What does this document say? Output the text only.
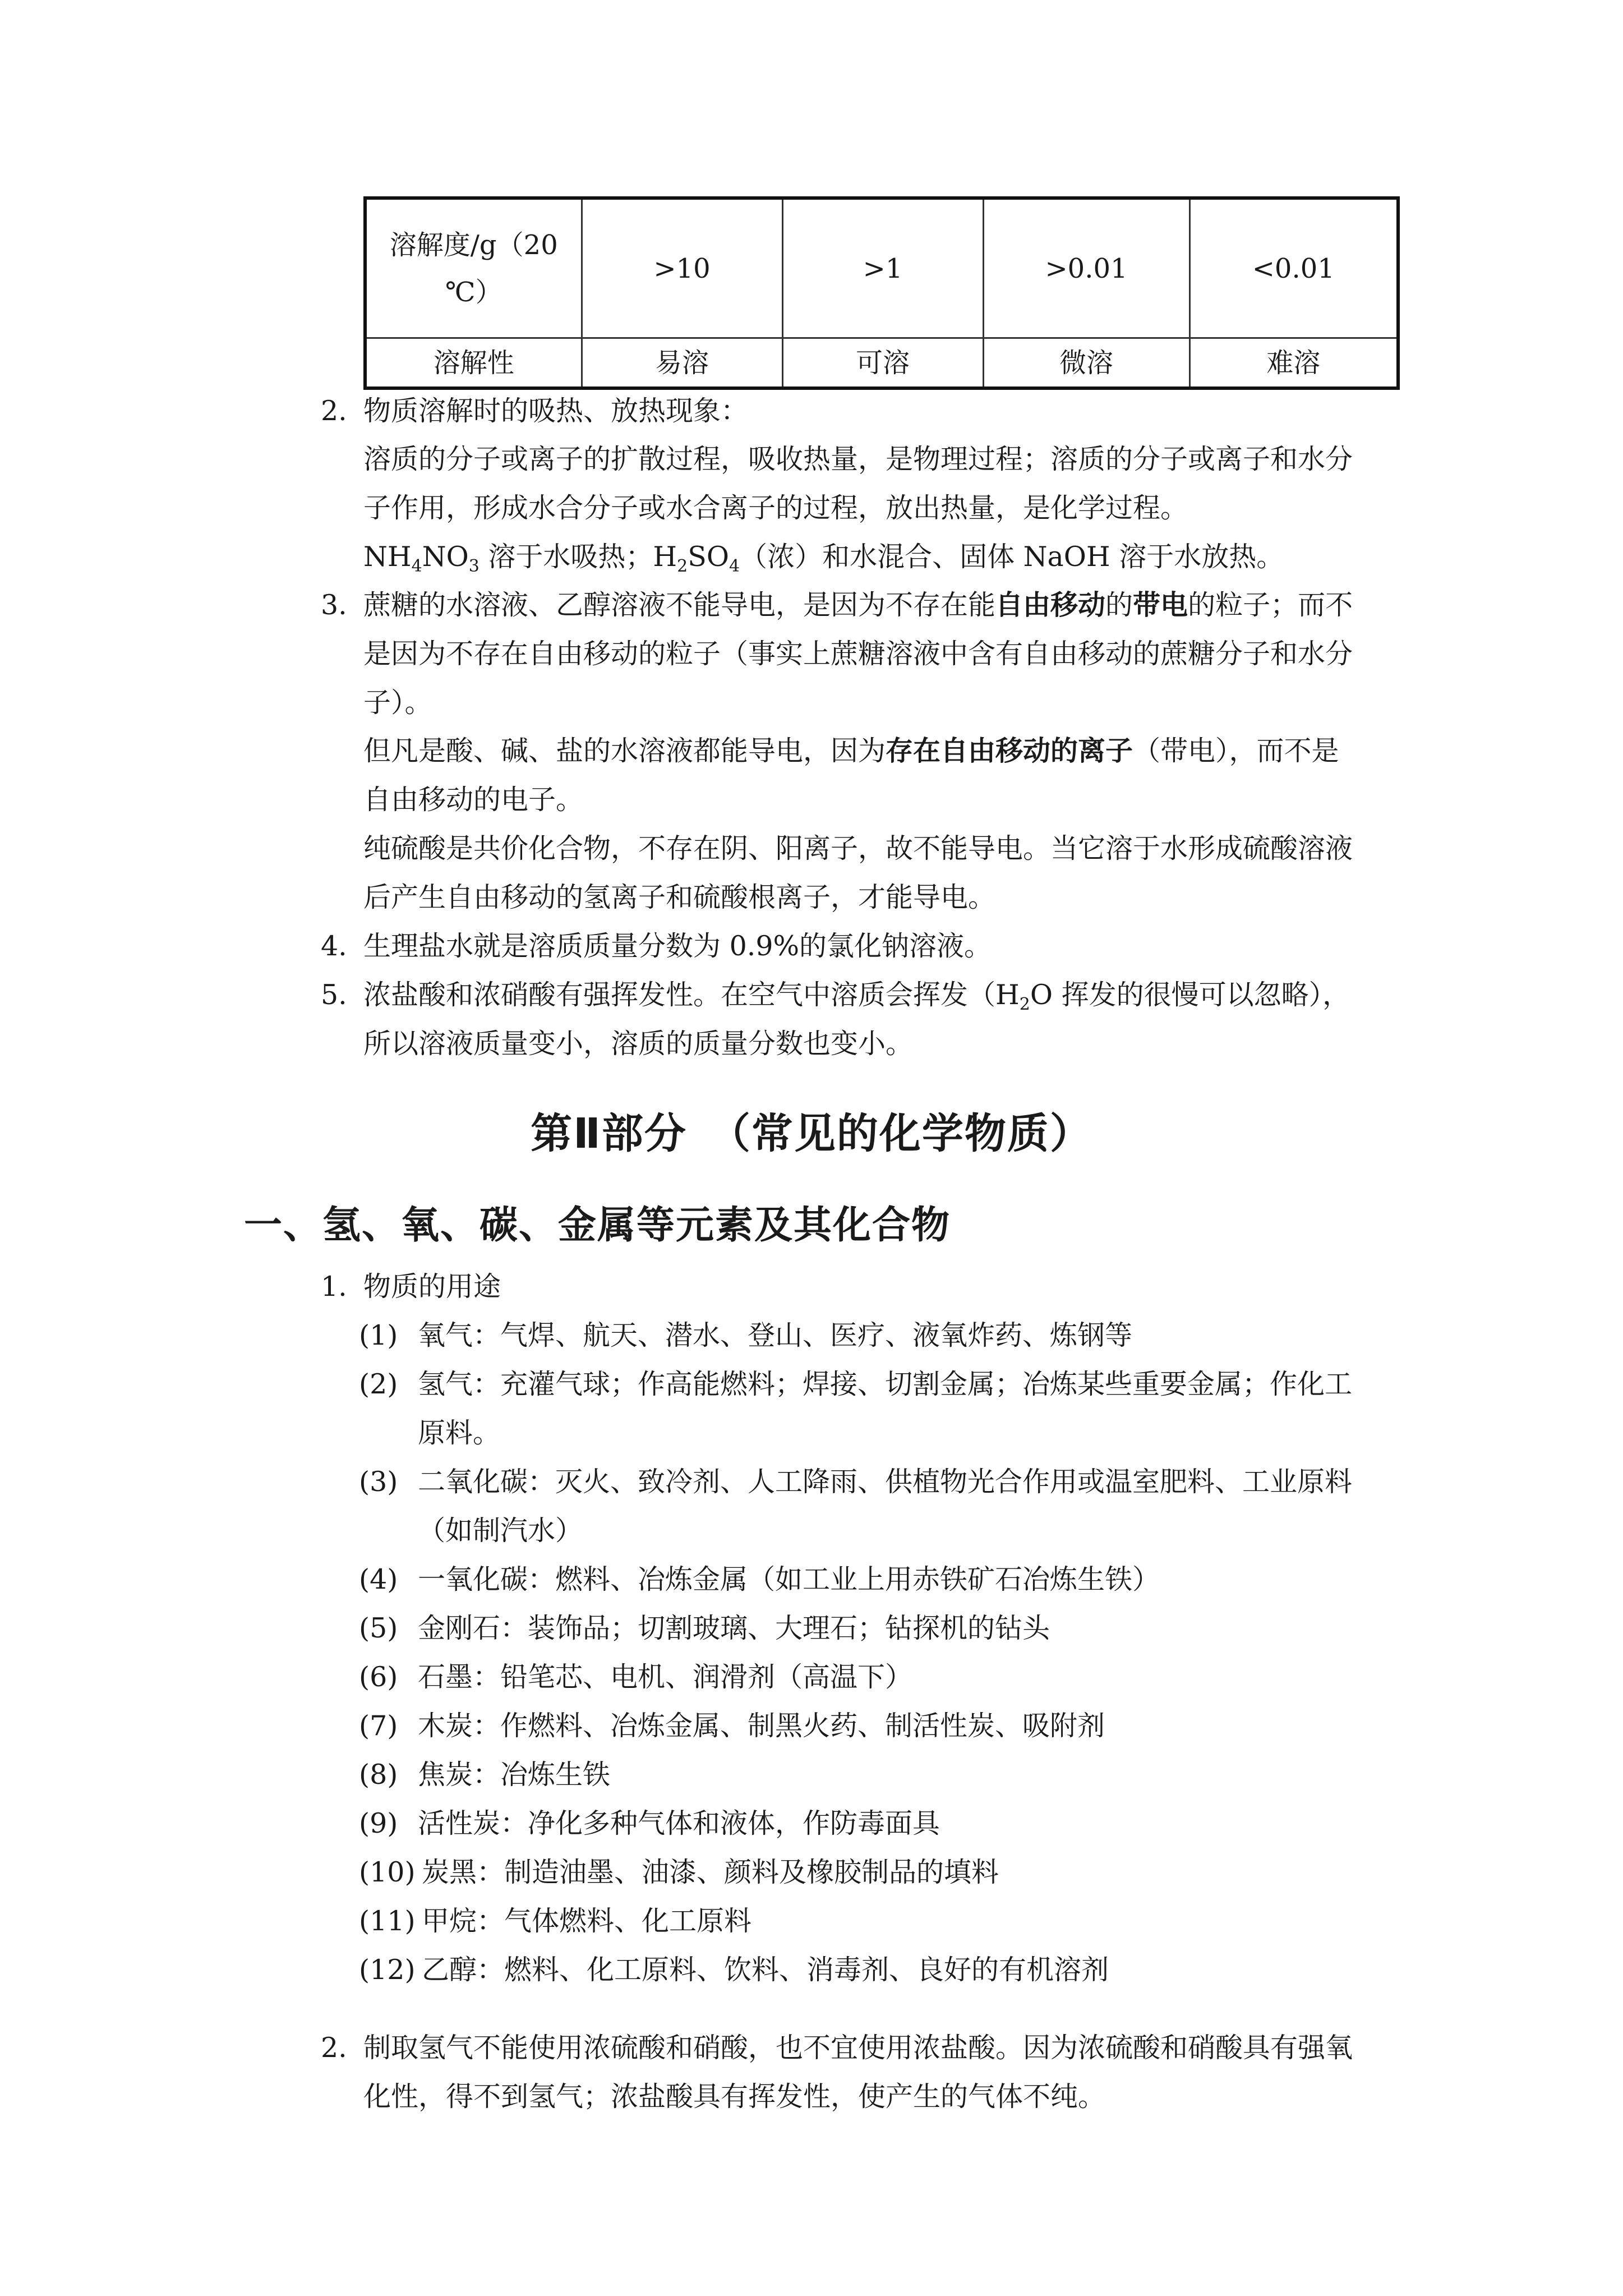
溶解度/g（20 ℃）	>10	>1	>0.01	<0.01
溶解性	易溶	可溶	微溶	难溶
2. 物质溶解时的吸热、放热现象：
溶质的分子或离子的扩散过程，吸收热量，是物理过程；溶质的分子或离子和水分
子作用，形成水合分子或水合离子的过程，放出热量，是化学过程。
$NH_4NO_3$ 溶于水吸热；$H_2SO_4$（浓）和水混合、固体 NaOH 溶于水放热。
3. 蔗糖的水溶液、乙醇溶液不能导电，是因为不存在能自由移动的带电的粒子；而不
是因为不存在自由移动的粒子（事实上蔗糖溶液中含有自由移动的蔗糖分子和水分
子）。
但凡是酸、碱、盐的水溶液都能导电，因为存在自由移动的离子（带电），而不是
自由移动的电子。
纯硫酸是共价化合物，不存在阴、阳离子，故不能导电。当它溶于水形成硫酸溶液
后产生自由移动的氢离子和硫酸根离子，才能导电。
4. 生理盐水就是溶质质量分数为 0.9%的氯化钠溶液。
5. 浓盐酸和浓硝酸有强挥发性。在空气中溶质会挥发（$H_2O$ 挥发的很慢可以忽略），
所以溶液质量变小，溶质的质量分数也变小。
第Ⅱ部分　（常见的化学物质）
一、氢、氧、碳、金属等元素及其化合物
1. 物质的用途
(1) 氧气：气焊、航天、潜水、登山、医疗、液氧炸药、炼钢等
(2) 氢气：充灌气球；作高能燃料；焊接、切割金属；冶炼某些重要金属；作化工
原料。
(3) 二氧化碳：灭火、致冷剂、人工降雨、供植物光合作用或温室肥料、工业原料
（如制汽水）
(4) 一氧化碳：燃料、冶炼金属（如工业上用赤铁矿石冶炼生铁）
(5) 金刚石：装饰品；切割玻璃、大理石；钻探机的钻头
(6) 石墨：铅笔芯、电机、润滑剂（高温下）
(7) 木炭：作燃料、冶炼金属、制黑火药、制活性炭、吸附剂
(8) 焦炭：冶炼生铁
(9) 活性炭：净化多种气体和液体，作防毒面具
(10) 炭黑：制造油墨、油漆、颜料及橡胶制品的填料
(11) 甲烷：气体燃料、化工原料
(12) 乙醇：燃料、化工原料、饮料、消毒剂、良好的有机溶剂
2. 制取氢气不能使用浓硫酸和硝酸，也不宜使用浓盐酸。因为浓硫酸和硝酸具有强氧
化性，得不到氢气；浓盐酸具有挥发性，使产生的气体不纯。
